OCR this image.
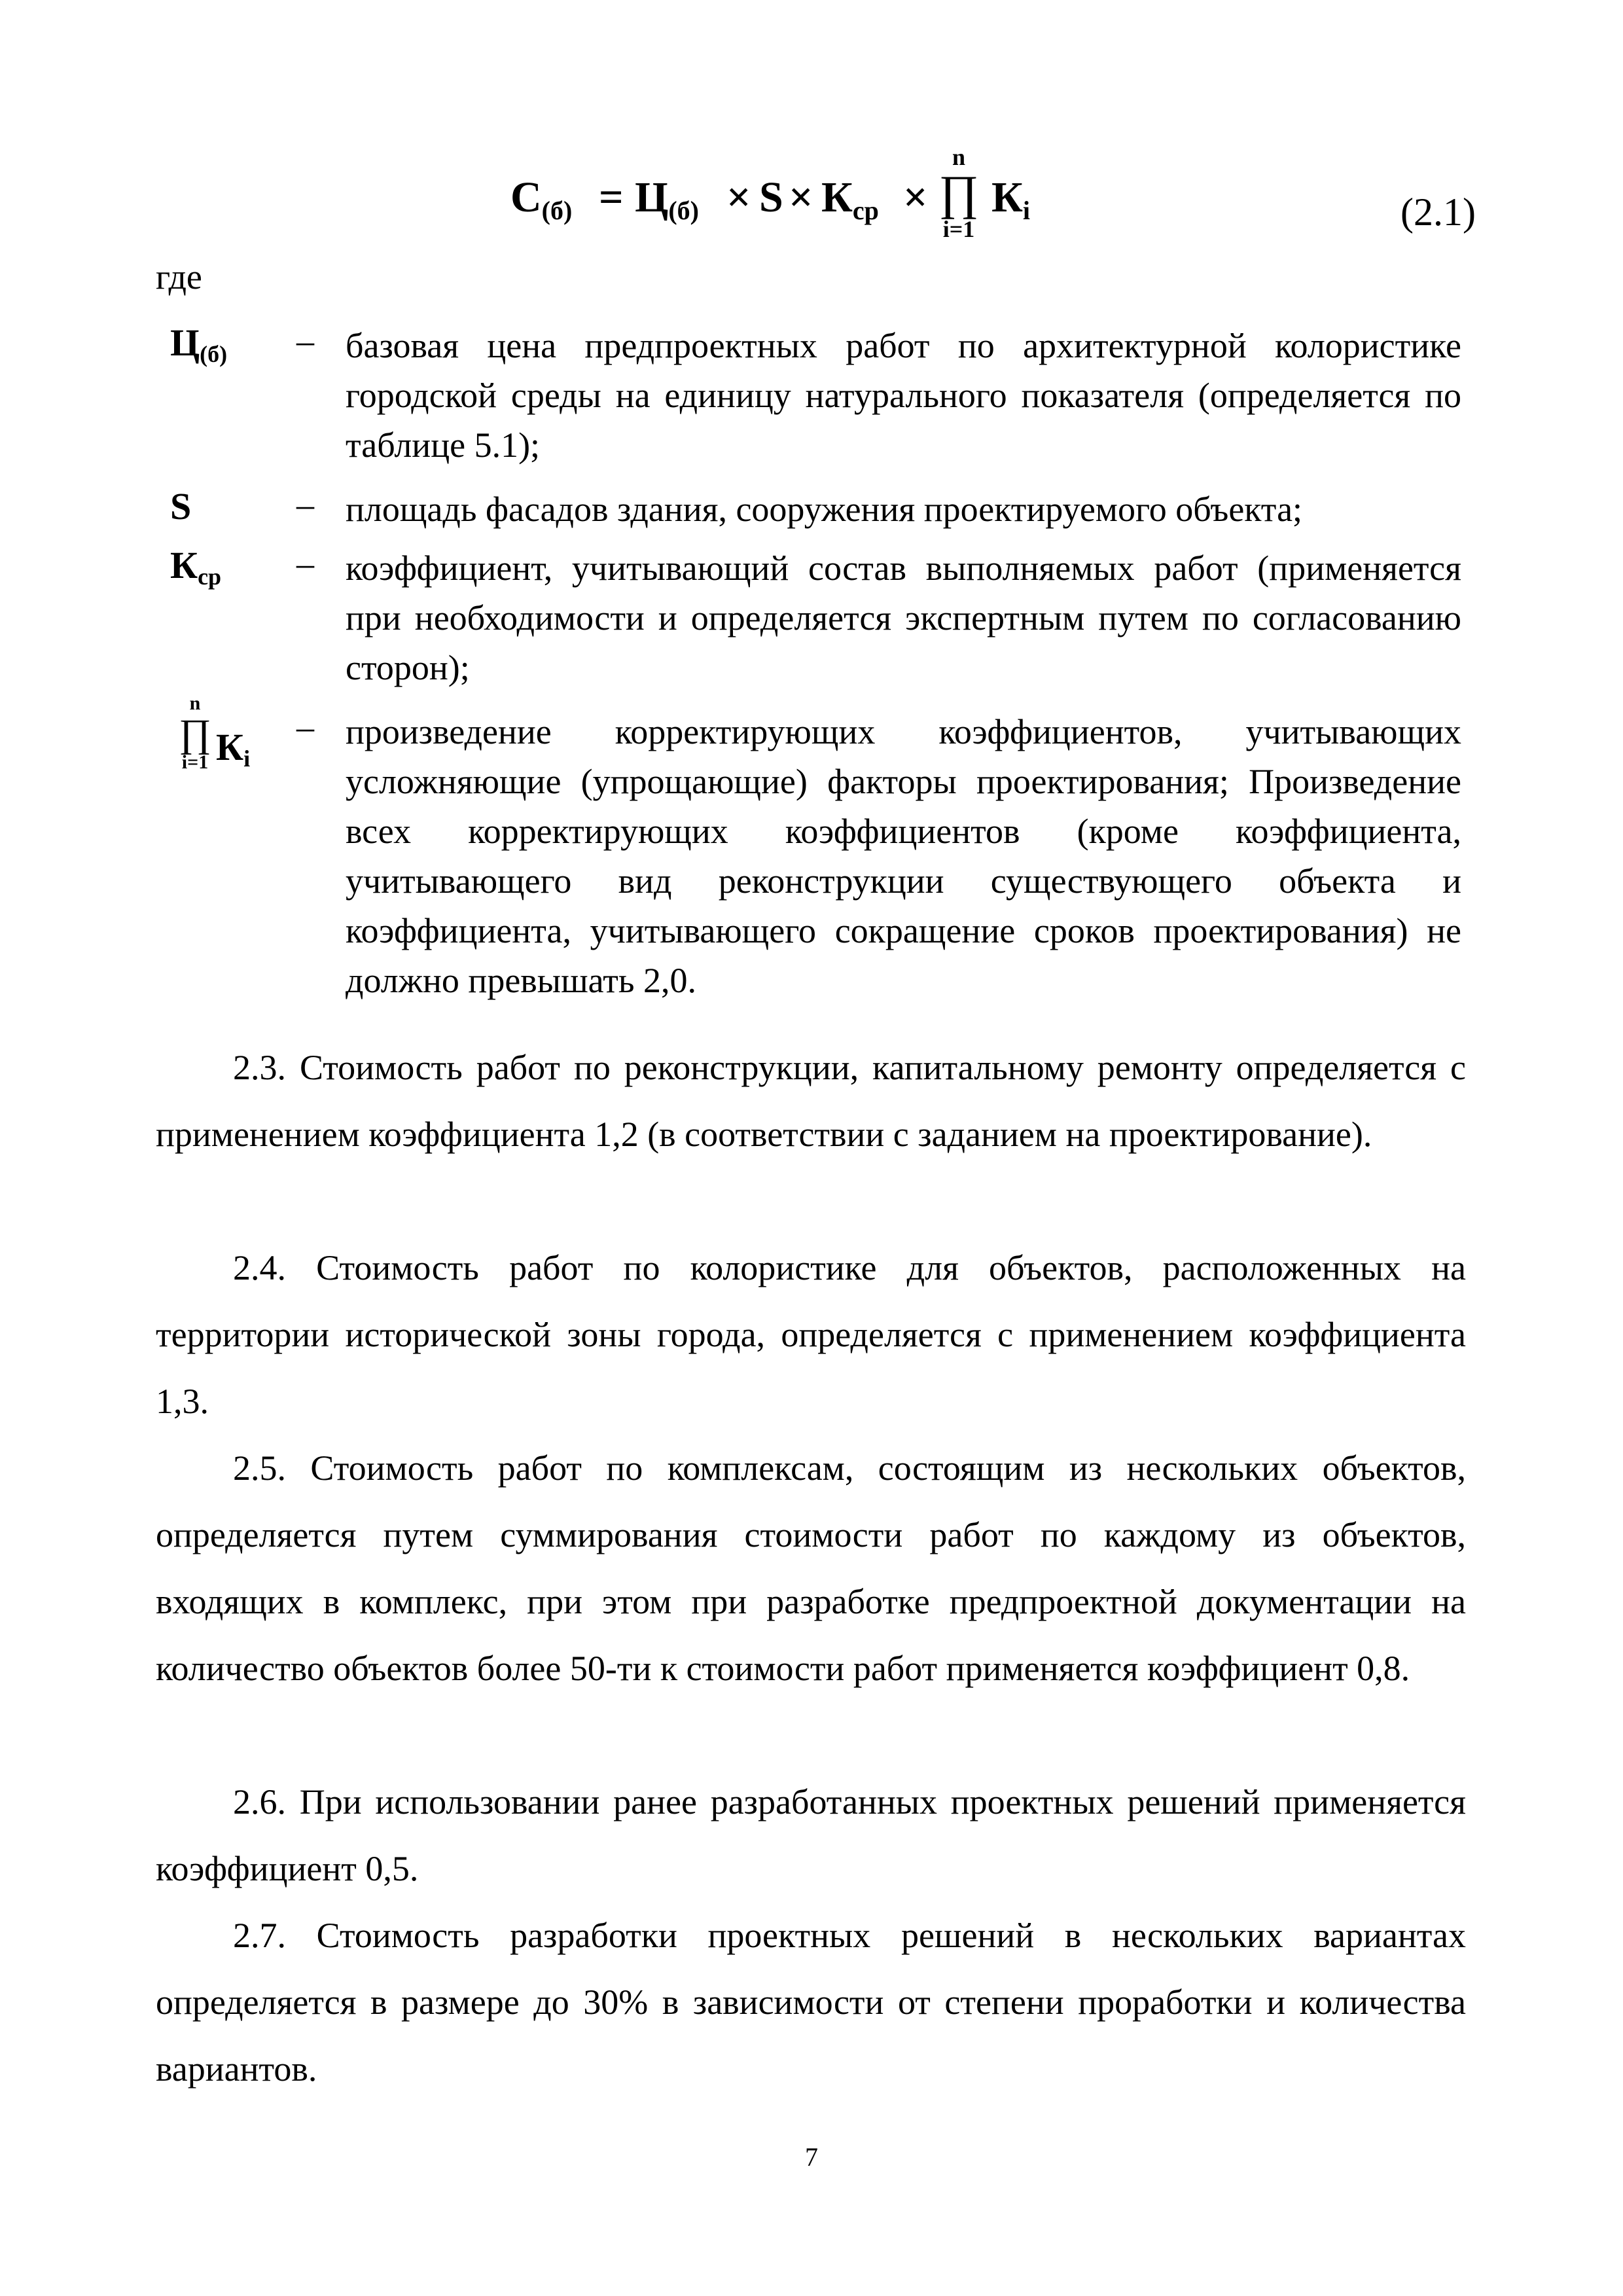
$С_{(б)} = Ц_{(б)} \times S \times К_{ср}$ ×
n
∏
i=1
$К_i$	(2.1)
где
$Ц_{(б)}$ – базовая цена предпроектных работ по архитектурной колористике городской среды на единицу натурального показателя (определяется по таблице 5.1);
S	– площадь фасадов здания, сооружения проектируемого объекта;
$К_{ср}$ – коэффициент, учитывающий состав выполняемых работ (применяется при необходимости и определяется экспертным путем по согласованию сторон);
n
∏
i=1 $К_i$
– произведение корректирующих коэффициентов, учитывающих усложняющие (упрощающие) факторы проектирования; Произведение всех корректирующих коэффициентов (кроме коэффициента, учитывающего вид реконструкции существующего объекта и коэффициента, учитывающего сокращение сроков проектирования) не должно превышать 2,0.
2.3. Стоимость работ по реконструкции, капитальному ремонту определяется с применением коэффициента 1,2 (в соответствии с заданием на проектирование).
2.4. Стоимость работ по колористике для объектов, расположенных на территории исторической зоны города, определяется с применением коэффициента 1,3.
2.5. Стоимость работ по комплексам, состоящим из нескольких объектов, определяется путем суммирования стоимости работ по каждому из объектов, входящих в комплекс, при этом при разработке предпроектной документации на количество объектов более 50-ти к стоимости работ применяется коэффициент 0,8.
2.6. При использовании ранее разработанных проектных решений применяется коэффициент 0,5.
2.7. Стоимость разработки проектных решений в нескольких вариантах определяется в размере до 30% в зависимости от степени проработки и количества вариантов.
7
